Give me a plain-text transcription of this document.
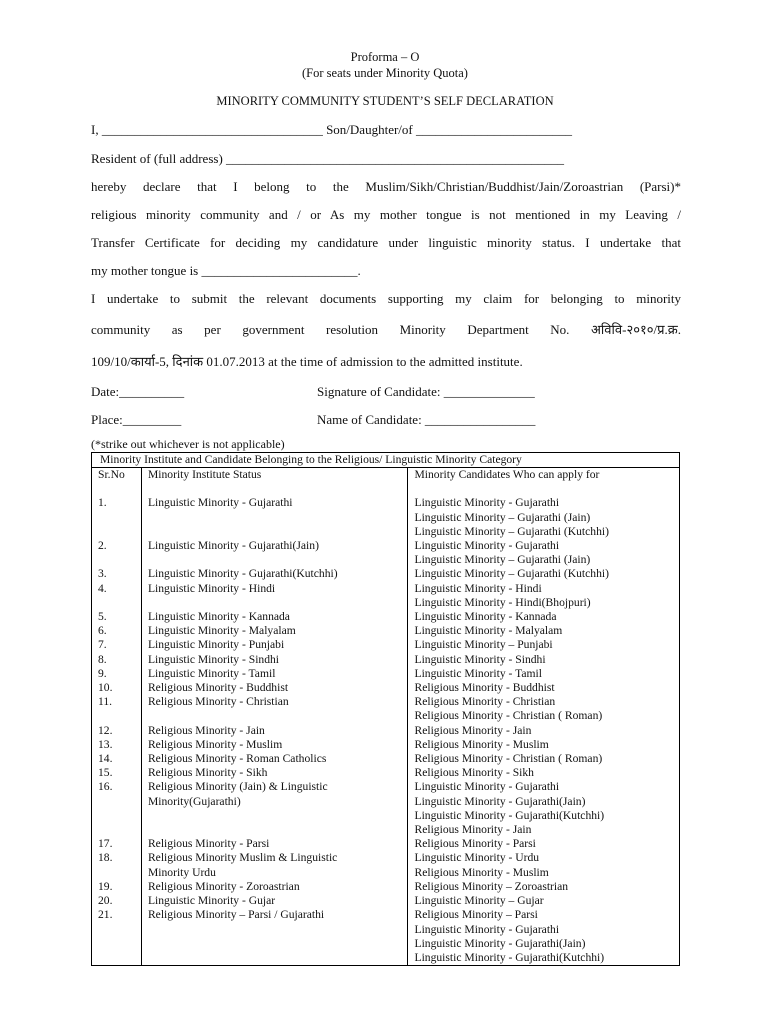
Proforma – O
(For seats under Minority Quota)
MINORITY COMMUNITY STUDENT’S SELF DECLARATION
I, __________________________________ Son/Daughter/of ________________________
Resident of (full address) ____________________________________________________
hereby declare that I belong to the Muslim/Sikh/Christian/Buddhist/Jain/Zoroastrian (Parsi)*
religious minority community and / or As my mother tongue is not mentioned in my Leaving /
Transfer Certificate for deciding my candidature under linguistic minority status. I undertake that
my mother tongue is ________________________.
I undertake to submit the relevant documents supporting my claim for belonging to minority
community as per government resolution Minority Department No. अविवि-२०१०/प्र.क्र.
109/10/कार्या-5, दिनांक 01.07.2013 at the time of admission to the admitted institute.
Date:__________	Signature of Candidate: ______________
Place:_________	Name of Candidate: _________________
(*strike out whichever is not applicable)
Minority Institute and Candidate Belonging to the Religious/ Linguistic Minority Category		
Sr.No	Minority Institute Status	Minority Candidates Who can apply for
1.	Linguistic Minority - Gujarathi	Linguistic Minority - Gujarathi
Linguistic Minority – Gujarathi (Jain)
Linguistic Minority – Gujarathi (Kutchhi)

2.	Linguistic Minority - Gujarathi(Jain)	Linguistic Minority - Gujarathi
Linguistic Minority – Gujarathi (Jain)

3.	Linguistic Minority - Gujarathi(Kutchhi)	Linguistic Minority – Gujarathi (Kutchhi)

4.	Linguistic Minority - Hindi	Linguistic Minority - Hindi
Linguistic Minority - Hindi(Bhojpuri)

5.	Linguistic Minority - Kannada	Linguistic Minority - Kannada

6.	Linguistic Minority - Malyalam	Linguistic Minority - Malyalam

7.	Linguistic Minority - Punjabi	Linguistic Minority – Punjabi

8.	Linguistic Minority - Sindhi	Linguistic Minority - Sindhi

9.	Linguistic Minority - Tamil	Linguistic Minority - Tamil

10.	Religious Minority - Buddhist	Religious Minority - Buddhist

11.	Religious Minority - Christian	Religious Minority - Christian
Religious Minority - Christian ( Roman)

12.	Religious Minority - Jain	Religious Minority - Jain

13.	Religious Minority - Muslim	Religious Minority - Muslim

14.	Religious Minority - Roman Catholics	Religious Minority - Christian ( Roman)

15.	Religious Minority - Sikh	Religious Minority - Sikh

16.	Religious Minority (Jain) & Linguistic
Minority(Gujarathi)	Linguistic Minority - Gujarathi
Linguistic Minority - Gujarathi(Jain)
Linguistic Minority - Gujarathi(Kutchhi)
Religious Minority - Jain

17.	Religious Minority - Parsi	Religious Minority - Parsi

18.	Religious Minority Muslim & Linguistic
Minority Urdu	Linguistic Minority - Urdu
Religious Minority - Muslim

19.	Religious Minority - Zoroastrian	Religious Minority – Zoroastrian

20.	Linguistic Minority - Gujar	Linguistic Minority – Gujar

21.	Religious Minority – Parsi / Gujarathi	Religious Minority – Parsi
Linguistic Minority - Gujarathi
Linguistic Minority - Gujarathi(Jain)
Linguistic Minority - Gujarathi(Kutchhi)
